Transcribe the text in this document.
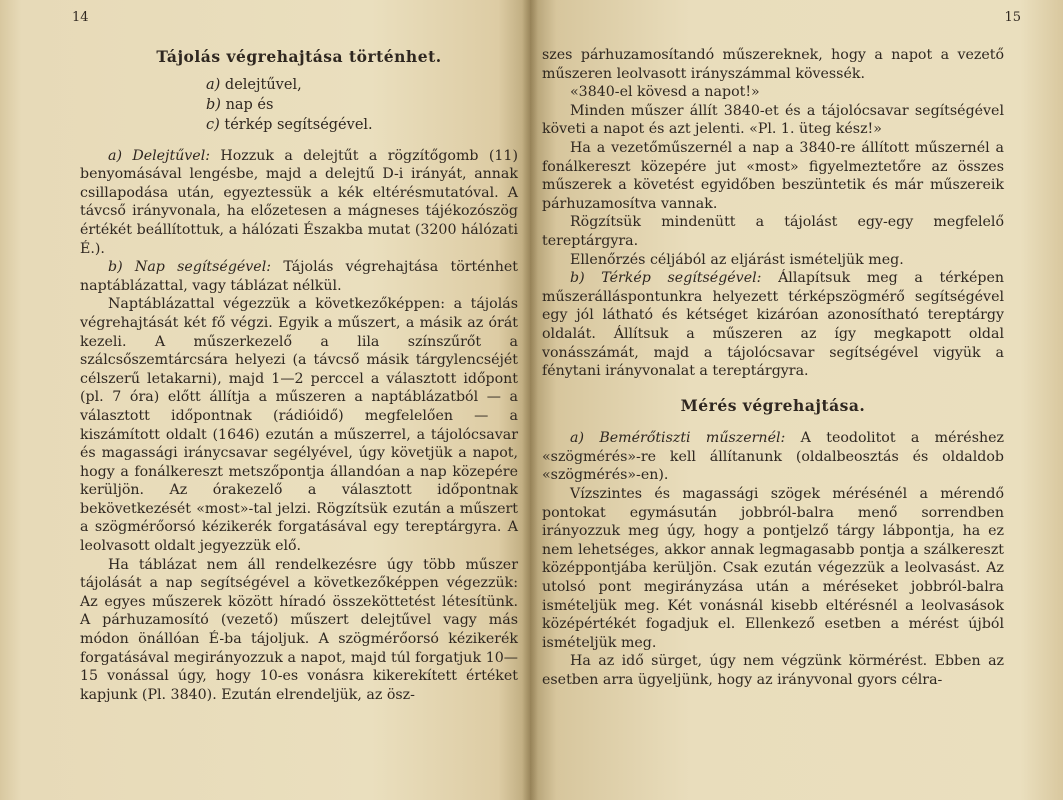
14

Tájolás végrehajtása történhet.

a) delejtűvel,
b) nap és
c) térkép segítségével.

a) Delejtűvel: Hozzuk a delejtűt a rögzítőgomb (11) benyomásával lengésbe, majd a delejtű D-i irányát, annak csillapodása után, egyeztessük a kék eltérésmutatóval. A távcső irányvonala, ha előzetesen a mágneses tájékozószög értékét beállítottuk, a hálózati Északba mutat (3200 hálózati É.).

b) Nap segítségével: Tájolás végrehajtása történhet naptáblázattal, vagy táblázat nélkül.

Naptáblázattal végezzük a következőképpen: a tájolás végrehajtását két fő végzi. Egyik a műszert, a másik az órát kezeli. A műszerkezelő a lila színszűrőt a szálcsőszemtárcsára helyezi (a távcső másik tárgylencséjét célszerű letakarni), majd 1—2 perccel a választott időpont (pl. 7 óra) előtt állítja a műszeren a naptáblázatból — a választott időpontnak (rádióidő) megfelelően — a kiszámított oldalt (1646) ezután a műszerrel, a tájolócsavar és magassági iránycsavar segélyével, úgy követjük a napot, hogy a fonálkereszt metszőpontja állandóan a nap közepére kerüljön. Az órakezelő a választott időpontnak bekövetkezését «most»-tal jelzi. Rögzítsük ezután a műszert a szögmérőorsó kézikerék forgatásával egy tereptárgyra. A leolvasott oldalt jegyezzük elő.

Ha táblázat nem áll rendelkezésre úgy több műszer tájolását a nap segítségével a következőképpen végezzük: Az egyes műszerek között híradó összeköttetést létesítünk. A párhuzamosító (vezető) műszert delejtűvel vagy más módon önállóan É-ba tájoljuk. A szögmérőorsó kézikerék forgatásával megirányozzuk a napot, majd túl forgatjuk 10—15 vonással úgy, hogy 10-es vonásra kikerekített értéket kapjunk (Pl. 3840). Ezután elrendeljük, az ösz-

15

szes párhuzamosítandó műszereknek, hogy a napot a vezető műszeren leolvasott irányszámmal kövessék.

«3840-el kövesd a napot!»

Minden műszer állít 3840-et és a tájolócsavar segítségével követi a napot és azt jelenti. «Pl. 1. üteg kész!»

Ha a vezetőműszernél a nap a 3840-re állított műszernél a fonálkereszt közepére jut «most» figyelmeztetőre az összes műszerek a követést egyidőben beszüntetik és már műszereik párhuzamosítva vannak.

Rögzítsük mindenütt a tájolást egy-egy megfelelő tereptárgyra.

Ellenőrzés céljából az eljárást ismételjük meg.

b) Térkép segítségével: Állapítsuk meg a térképen műszerálláspontunkra helyezett térképszögmérő segítségével egy jól látható és kétséget kizáróan azonosítható tereptárgy oldalát. Állítsuk a műszeren az így megkapott oldal vonásszámát, majd a tájolócsavar segítségével vigyük a fénytani irányvonalat a tereptárgyra.

Mérés végrehajtása.

a) Bemérőtiszti műszernél: A teodolitot a méréshez «szögmérés»-re kell állítanunk (oldalbeosztás és oldaldob «szögmérés»-en).

Vízszintes és magassági szögek mérésénél a mérendő pontokat egymásután jobbról-balra menő sorrendben irányozzuk meg úgy, hogy a pontjelző tárgy lábpontja, ha ez nem lehetséges, akkor annak legmagasabb pontja a szálkereszt középpontjába kerüljön. Csak ezután végezzük a leolvasást. Az utolsó pont megirányzása után a méréseket jobbról-balra ismételjük meg. Két vonásnál kisebb eltérésnél a leolvasások középértékét fogadjuk el. Ellenkező esetben a mérést újból ismételjük meg.

Ha az idő sürget, úgy nem végzünk körmérést. Ebben az esetben arra ügyeljünk, hogy az irányvonal gyors célra-
